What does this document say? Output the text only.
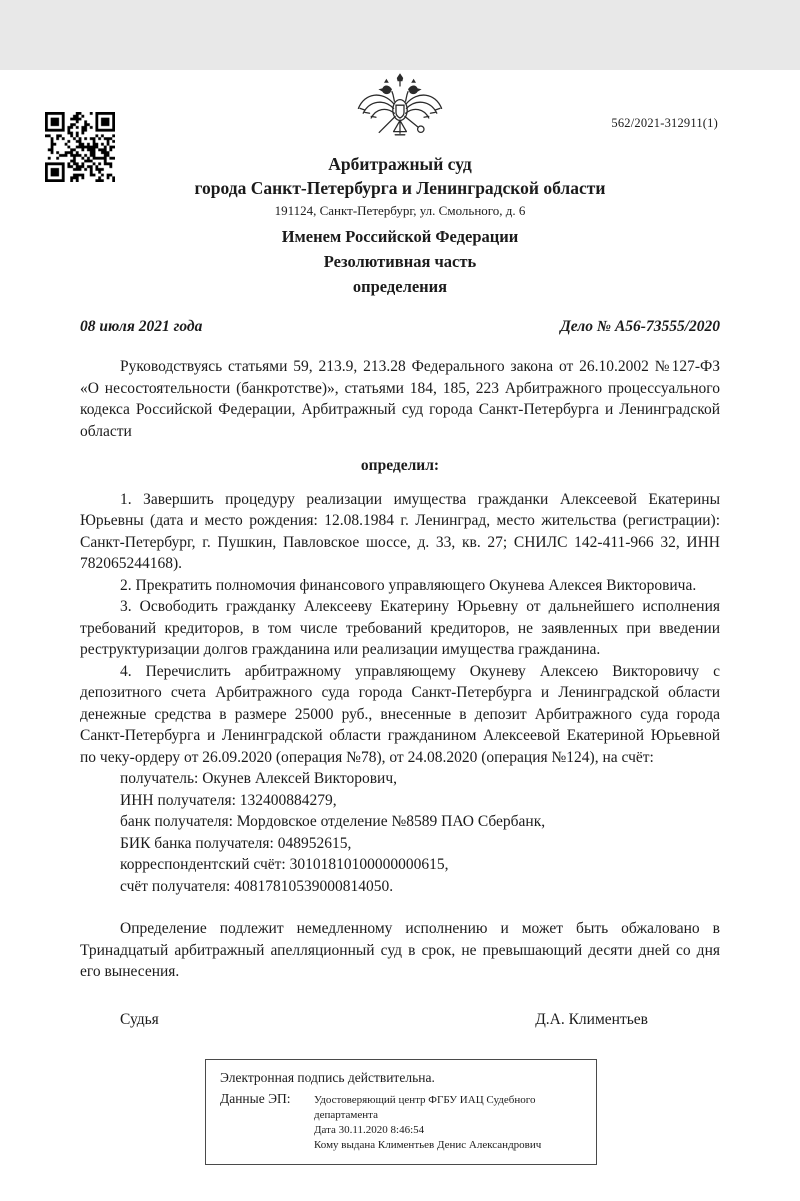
562/2021-312911(1)
Арбитражный суд
города Санкт-Петербурга и Ленинградской области
191124, Санкт-Петербург, ул. Смольного, д. 6
Именем Российской Федерации
Резолютивная часть
определения
08 июля 2021 года	Дело № А56-73555/2020

Руководствуясь статьями 59, 213.9, 213.28 Федерального закона от 26.10.2002 №127-ФЗ «О несостоятельности (банкротстве)», статьями 184, 185, 223 Арбитражного процессуального кодекса Российской Федерации, Арбитражный суд города Санкт-Петербурга и Ленинградской области

определил:

1. Завершить процедуру реализации имущества гражданки Алексеевой Екатерины Юрьевны (дата и место рождения: 12.08.1984 г. Ленинград, место жительства (регистрации): Санкт-Петербург, г. Пушкин, Павловское шоссе, д. 33, кв. 27; СНИЛС 142-411-966 32, ИНН 782065244168).

2. Прекратить полномочия финансового управляющего Окунева Алексея Викторовича.

3. Освободить гражданку Алексееву Екатерину Юрьевну от дальнейшего исполнения требований кредиторов, в том числе требований кредиторов, не заявленных при введении реструктуризации долгов гражданина или реализации имущества гражданина.

4. Перечислить арбитражному управляющему Окуневу Алексею Викторовичу с депозитного счета Арбитражного суда города Санкт-Петербурга и Ленинградской области денежные средства в размере 25000 руб., внесенные в депозит Арбитражного суда города Санкт-Петербурга и Ленинградской области гражданином Алексеевой Екатериной Юрьевной по чеку-ордеру от 26.09.2020 (операция №78), от 24.08.2020 (операция №124), на счёт:

получатель: Окунев Алексей Викторович,
ИНН получателя: 132400884279,
банк получателя: Мордовское отделение №8589 ПАО Сбербанк,
БИК банка получателя: 048952615,
корреспондентский счёт: 30101810100000000615,
счёт получателя: 40817810539000814050.

Определение подлежит немедленному исполнению и может быть обжаловано в Тринадцатый арбитражный апелляционный суд в срок, не превышающий десяти дней со дня его вынесения.

Судья	Д.А. Климентьев
Электронная подпись действительна.
Данные ЭП:	Удостоверяющий центр ФГБУ ИАЦ Судебного департамента
Дата 30.11.2020 8:46:54
Кому выдана Климентьев Денис Александрович
